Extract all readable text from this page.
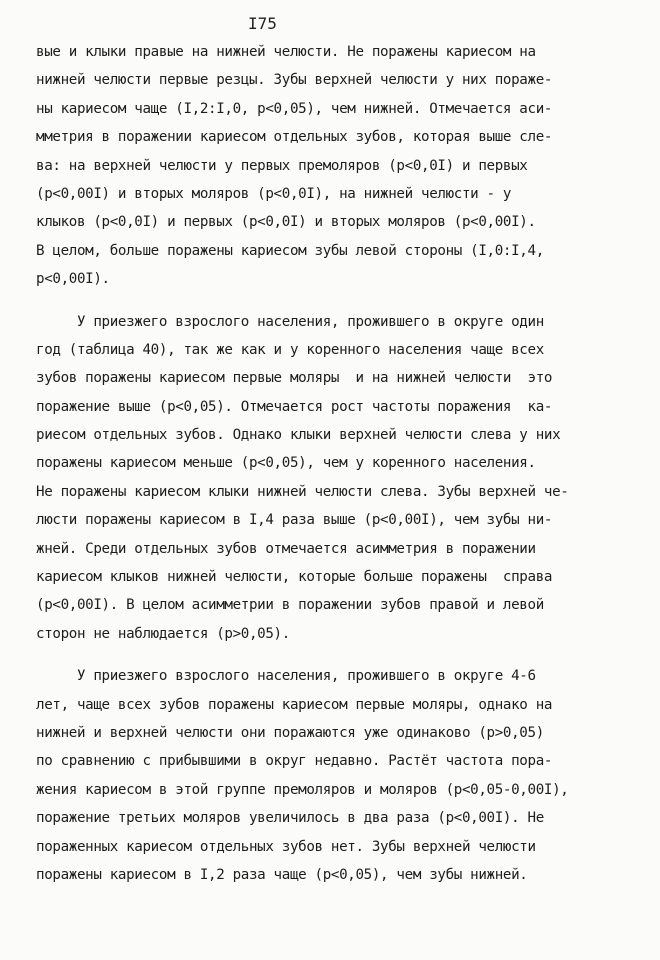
I75
вые и клыки правые на нижней челюсти. Не поражены кариесом на
нижней челюсти первые резцы. Зубы верхней челюсти у них пораже-
ны кариесом чаще (I,2:I,0, p<0,05), чем нижней. Отмечается аси-
мметрия в поражении кариесом отдельных зубов, которая выше сле-
ва: на верхней челюсти у первых премоляров (p<0,0I) и первых
(p<0,00I) и вторых моляров (p<0,0I), на нижней челюсти - у
клыков (p<0,0I) и первых (p<0,0I) и вторых моляров (p<0,00I).
В целом, больше поражены кариесом зубы левой стороны (I,0:I,4,
p<0,00I).
У приезжего взрослого населения, прожившего в округе один
год (таблица 40), так же как и у коренного населения чаще всех
зубов поражены кариесом первые моляры  и на нижней челюсти  это
поражение выше (p<0,05). Отмечается рост частоты поражения  ка-
риесом отдельных зубов. Однако клыки верхней челюсти слева у них
поражены кариесом меньше (p<0,05), чем у коренного населения.
Не поражены кариесом клыки нижней челюсти слева. Зубы верхней че-
люсти поражены кариесом в I,4 раза выше (p<0,00I), чем зубы ни-
жней. Среди отдельных зубов отмечается асимметрия в поражении
кариесом клыков нижней челюсти, которые больше поражены  справа
(p<0,00I). В целом асимметрии в поражении зубов правой и левой
сторон не наблюдается (p>0,05).
У приезжего взрослого населения, прожившего в округе 4-6
лет, чаще всех зубов поражены кариесом первые моляры, однако на
нижней и верхней челюсти они поражаются уже одинаково (p>0,05)
по сравнению с прибывшими в округ недавно. Растёт частота пора-
жения кариесом в этой группе премоляров и моляров (p<0,05-0,00I),
поражение третьих моляров увеличилось в два раза (p<0,00I). Не
пораженных кариесом отдельных зубов нет. Зубы верхней челюсти
поражены кариесом в I,2 раза чаще (p<0,05), чем зубы нижней.
